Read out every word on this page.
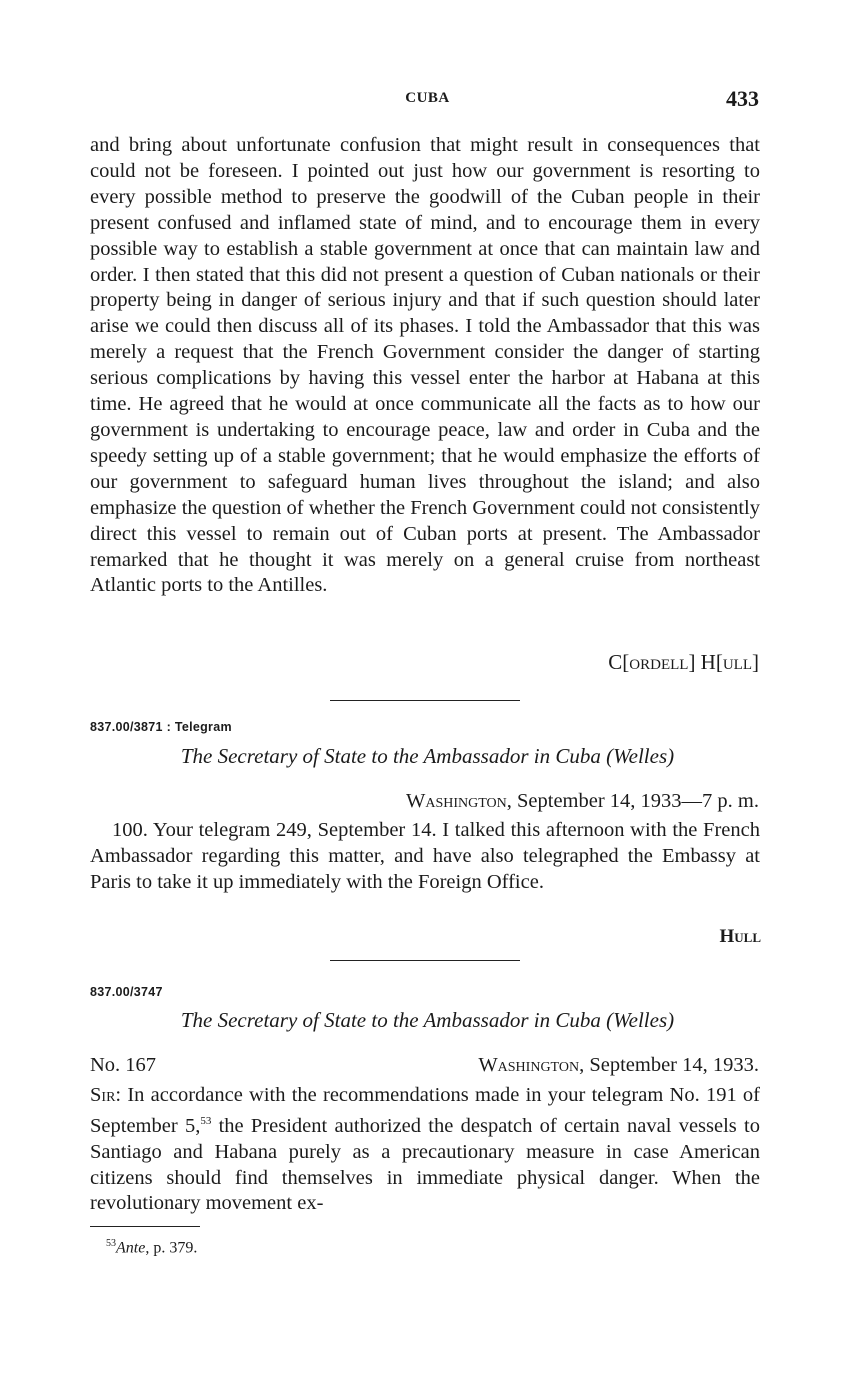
CUBA	433

and bring about unfortunate confusion that might result in consequences that could not be foreseen. I pointed out just how our government is resorting to every possible method to preserve the goodwill of the Cuban people in their present confused and inflamed state of mind, and to encourage them in every possible way to establish a stable government at once that can maintain law and order. I then stated that this did not present a question of Cuban nationals or their property being in danger of serious injury and that if such question should later arise we could then discuss all of its phases. I told the Ambassador that this was merely a request that the French Government consider the danger of starting serious complications by having this vessel enter the harbor at Habana at this time. He agreed that he would at once communicate all the facts as to how our government is undertaking to encourage peace, law and order in Cuba and the speedy setting up of a stable government; that he would emphasize the efforts of our government to safeguard human lives throughout the island; and also emphasize the question of whether the French Government could not consistently direct this vessel to remain out of Cuban ports at present. The Ambassador remarked that he thought it was merely on a general cruise from northeast Atlantic ports to the Antilles.

C[ordell] H[ull]
837.00/3871 : Telegram
The Secretary of State to the Ambassador in Cuba (Welles)
Washington, September 14, 1933—7 p. m.

100. Your telegram 249, September 14. I talked this afternoon with the French Ambassador regarding this matter, and have also telegraphed the Embassy at Paris to take it up immediately with the Foreign Office.

Hull
837.00/3747
The Secretary of State to the Ambassador in Cuba (Welles)
No. 167	Washington, September 14, 1933.

Sir: In accordance with the recommendations made in your telegram No. 191 of September 5,53 the President authorized the despatch of certain naval vessels to Santiago and Habana purely as a precautionary measure in case American citizens should find themselves in immediate physical danger. When the revolutionary movement ex-

$^{53}$Ante, p. 379.
